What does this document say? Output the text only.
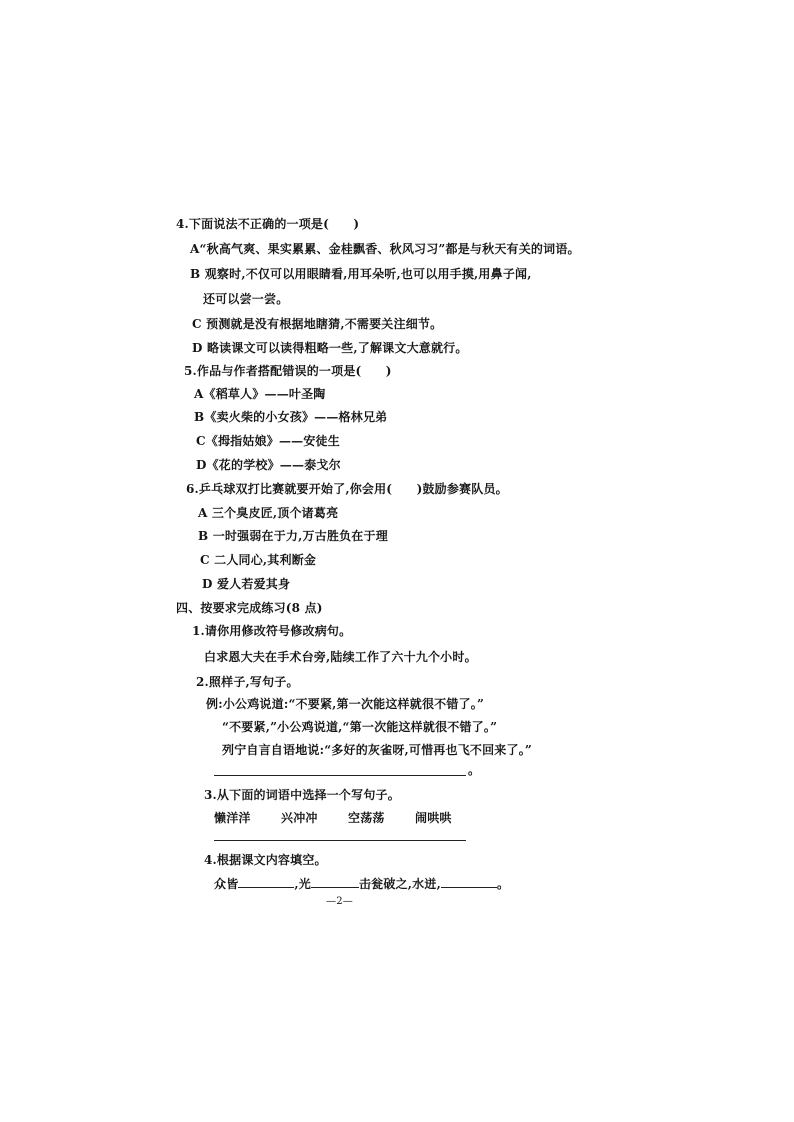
4.下面说法不正确的一项是(　　)
A“秋高气爽、果实累累、金桂飘香、秋风习习”都是与秋天有关的词语。
B 观察时,不仅可以用眼睛看,用耳朵听,也可以用手摸,用鼻子闻,
还可以尝一尝。
C 预测就是没有根据地瞎猜,不需要关注细节。
D 略读课文可以读得粗略一些,了解课文大意就行。
5.作品与作者搭配错误的一项是(　　)
A《稻草人》——叶圣陶
B《卖火柴的小女孩》——格林兄弟
C《拇指姑娘》——安徒生
D《花的学校》——泰戈尔
6.乒乓球双打比赛就要开始了,你会用(　　)鼓励参赛队员。
A 三个臭皮匠,顶个诸葛亮
B 一时强弱在于力,万古胜负在于理
C 二人同心,其利断金
D 爱人若爱其身
四、按要求完成练习(8 点)
1.请你用修改符号修改病句。
白求恩大夫在手术台旁,陆续工作了六十九个小时。
2.照样子,写句子。
例:小公鸡说道:“不要紧,第一次能这样就很不错了。”
“不要紧,”小公鸡说道,“第一次能这样就很不错了。”
列宁自言自语地说:“多好的灰雀呀,可惜再也飞不回来了。”
。
3.从下面的词语中选择一个写句子。
懒洋洋	兴冲冲	空荡荡	闹哄哄
4.根据课文内容填空。
众皆	,光	击瓮破之,水迸,	。
—2—
